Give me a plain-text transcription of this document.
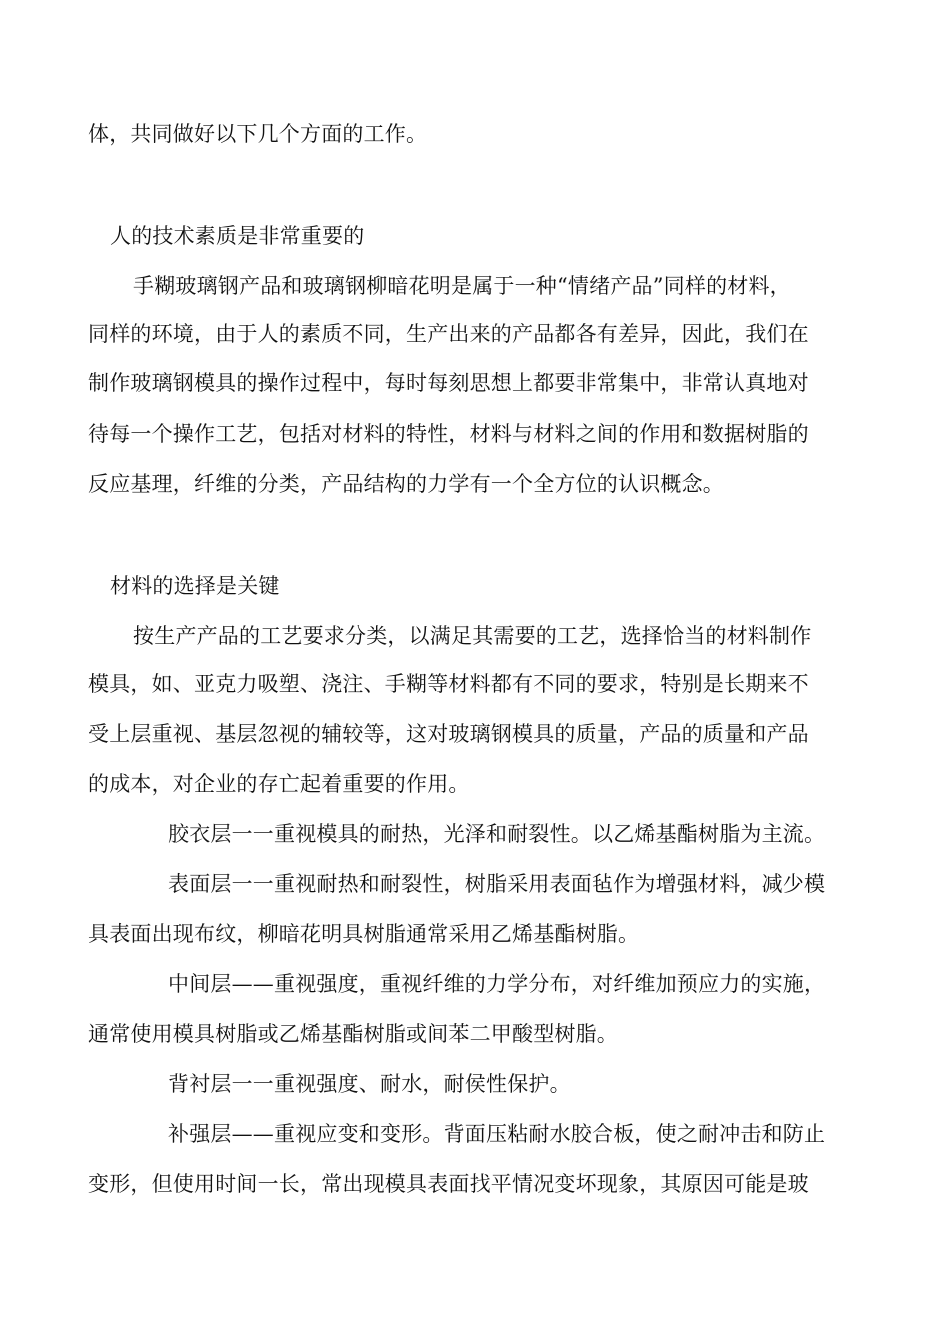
体，共同做好以下几个方面的工作。
人的技术素质是非常重要的
手糊玻璃钢产品和玻璃钢柳暗花明是属于一种“情绪产品”同样的材料，
同样的环境，由于人的素质不同，生产出来的产品都各有差异，因此，我们在
制作玻璃钢模具的操作过程中，每时每刻思想上都要非常集中，非常认真地对
待每一个操作工艺，包括对材料的特性，材料与材料之间的作用和数据树脂的
反应基理，纤维的分类，产品结构的力学有一个全方位的认识概念。
材料的选择是关键
按生产产品的工艺要求分类，以满足其需要的工艺，选择恰当的材料制作
模具，如、亚克力吸塑、浇注、手糊等材料都有不同的要求，特别是长期来不
受上层重视、基层忽视的辅较等，这对玻璃钢模具的质量，产品的质量和产品
的成本，对企业的存亡起着重要的作用。
胶衣层一一重视模具的耐热，光泽和耐裂性。以乙烯基酯树脂为主流。
表面层一一重视耐热和耐裂性，树脂采用表面毡作为增强材料，减少模
具表面出现布纹，柳暗花明具树脂通常采用乙烯基酯树脂。
中间层——重视强度，重视纤维的力学分布，对纤维加预应力的实施，
通常使用模具树脂或乙烯基酯树脂或间苯二甲酸型树脂。
背衬层一一重视强度、耐水，耐侯性保护。
补强层——重视应变和变形。背面压粘耐水胶合板，使之耐冲击和防止
变形，但使用时间一长，常出现模具表面找平情况变坏现象，其原因可能是玻
